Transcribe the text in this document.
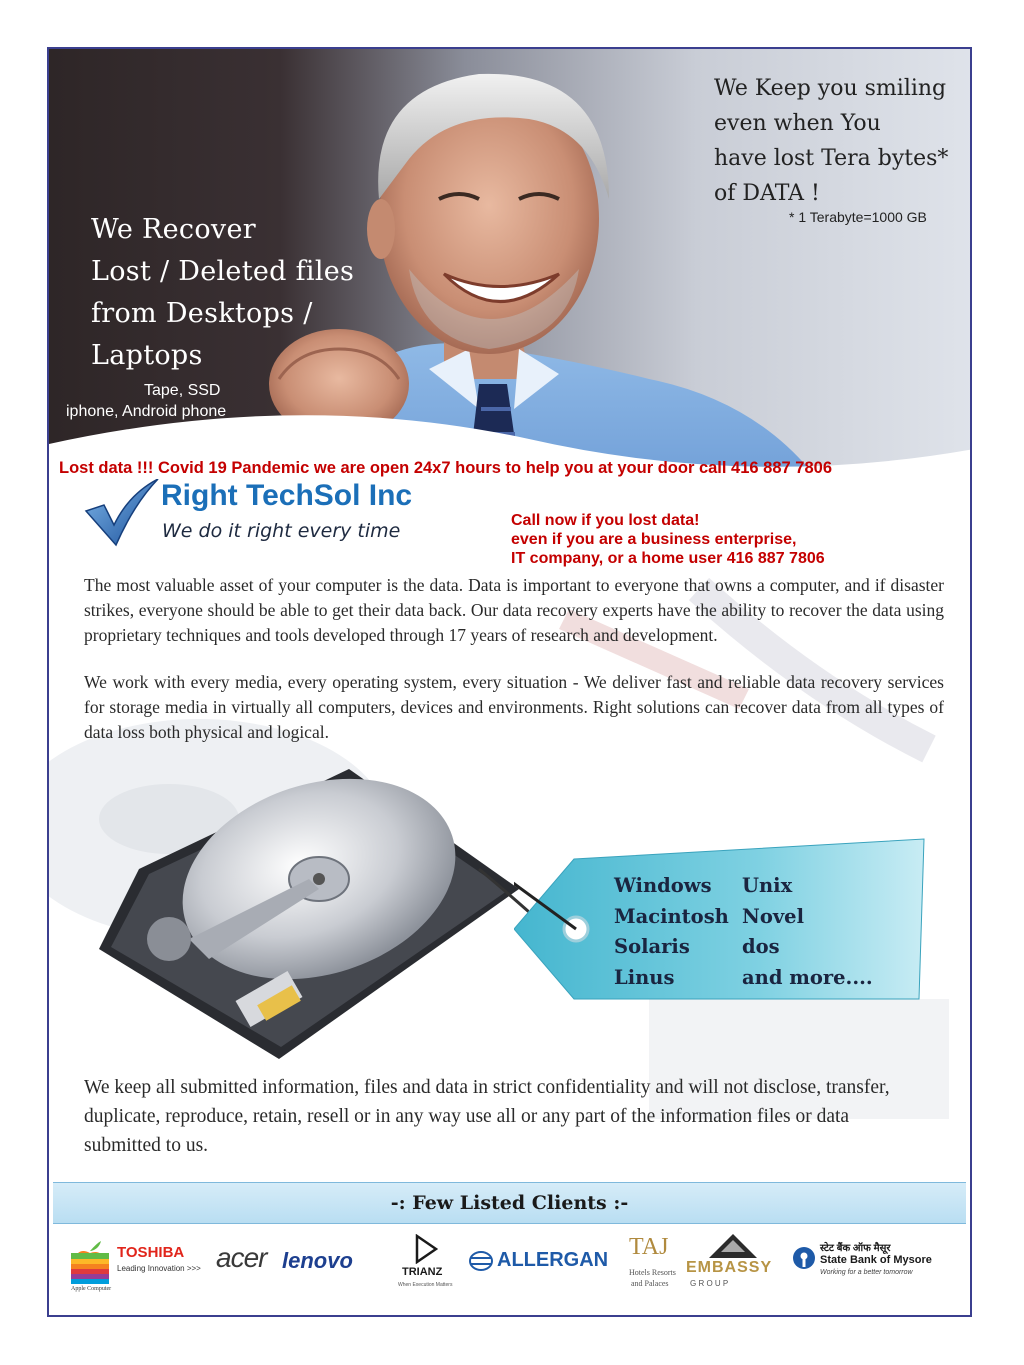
We Recover
Lost / Deleted files
from Desktops /
Laptops
Tape, SSD
iphone, Android phone
We Keep you smiling
even when You
have lost Tera bytes*
of DATA !
* 1 Terabyte=1000 GB
Lost data !!! Covid 19 Pandemic we are open 24x7 hours to help you at your door call 416 887 7806
Right TechSol Inc
We do it right every time	Call now if you lost data!
even if you are a business enterprise,
IT company, or a home user 416 887 7806
The most valuable asset of your computer is the data. Data is important to everyone that owns a computer, and if disaster strikes, everyone should be able to get their data back. Our data recovery experts have the ability to recover the data using proprietary techniques and tools developed through 17 years of research and development.
We work with every media, every operating system, every situation - We deliver fast and reliable data recovery services for storage media in virtually all computers, devices and environments. Right solutions can recover data from all types of data loss both physical and logical.
Windows
Macintosh
Solaris
Linus
Unix
Novel
dos
and more....
We keep all submitted information, files and data in strict confidentiality and will not disclose, transfer, duplicate, reproduce, retain, resell or in any way use all or any part of the information files or data submitted to us.
-: Few Listed Clients :-
Apple Computer
TOSHIBA
Leading Innovation >>> acer lenovo	TRIANZ
When Execution Matters
ALLERGAN TAJ
Hotels Resorts
and Palaces
EMBASSY
G R O U P
स्टेट बैंक ऑफ मैसूर
State Bank of Mysore
Working for a better tomorrow
